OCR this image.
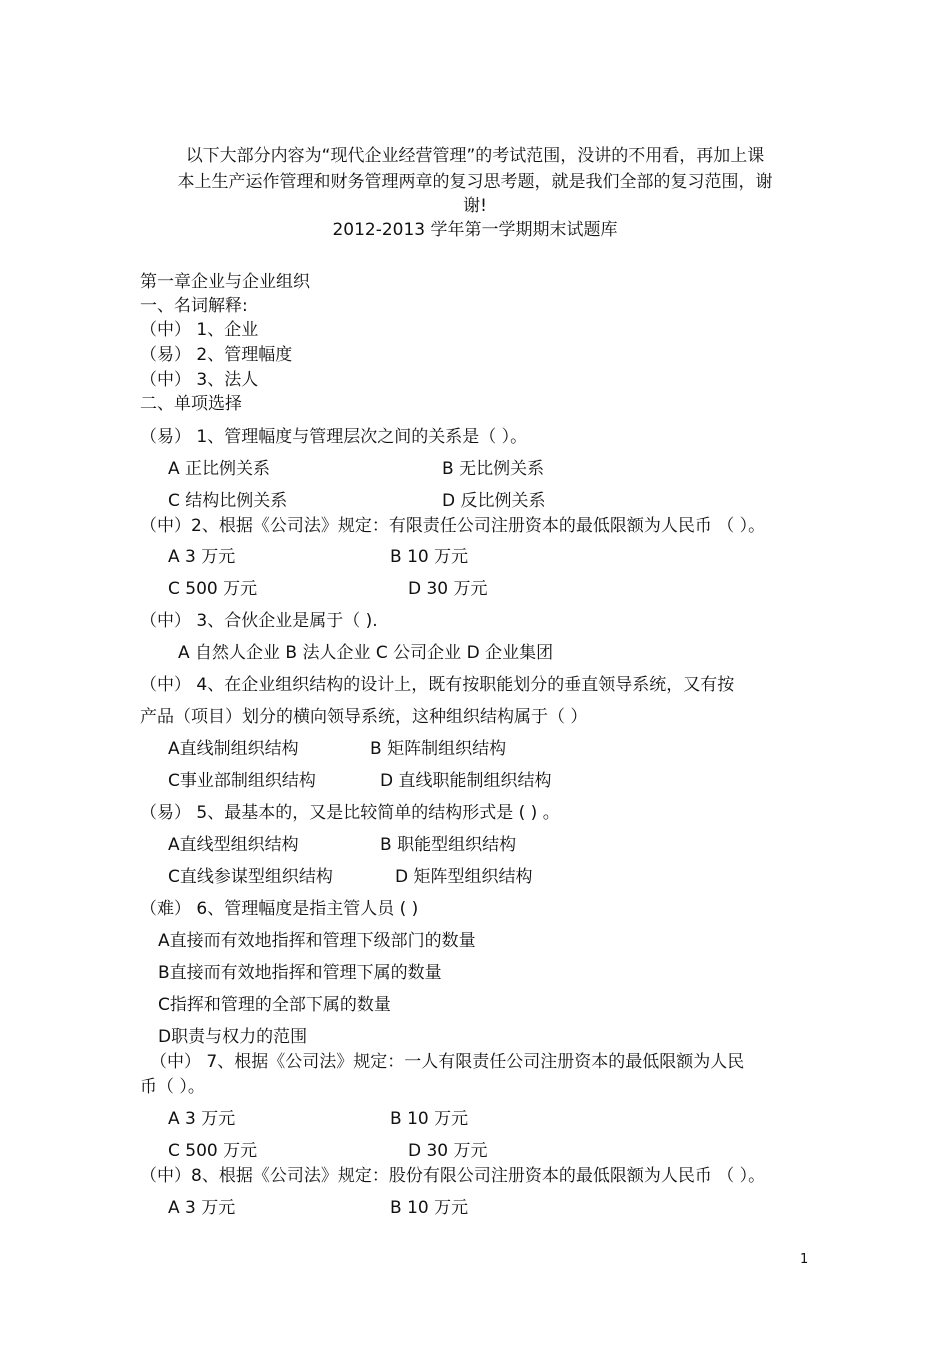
以下大部分内容为“现代企业经营管理”的考试范围，没讲的不用看，再加上课
本上生产运作管理和财务管理两章的复习思考题，就是我们全部的复习范围，谢
谢!
2012-2013 学年第一学期期末试题库
第一章企业与企业组织
一、名词解释:
（中） 1、企业
（易） 2、管理幅度
（中） 3、法人
二、单项选择
（易） 1、管理幅度与管理层次之间的关系是（ ）。
A 正比例关系	B 无比例关系
C 结构比例关系	D 反比例关系
（中）2、根据《公司法》规定：有限责任公司注册资本的最低限额为人民币 （ ）。
A 3 万元	B 10 万元
C 500 万元	D 30 万元
（中） 3、合伙企业是属于（ ).
A 自然人企业 B 法人企业 C 公司企业 D 企业集团
（中） 4、在企业组织结构的设计上，既有按职能划分的垂直领导系统，又有按
产品（项目）划分的横向领导系统，这种组织结构属于（ ）
A直线制组织结构	B 矩阵制组织结构
C事业部制组织结构	D 直线职能制组织结构
（易） 5、最基本的，又是比较简单的结构形式是 ( ) 。
A直线型组织结构	B 职能型组织结构
C直线参谋型组织结构	D 矩阵型组织结构
（难） 6、管理幅度是指主管人员 ( )
A直接而有效地指挥和管理下级部门的数量
B直接而有效地指挥和管理下属的数量
C指挥和管理的全部下属的数量
D职责与权力的范围
（中） 7、根据《公司法》规定：一人有限责任公司注册资本的最低限额为人民
币（ ）。
A 3 万元	B 10 万元
C 500 万元	D 30 万元
（中）8、根据《公司法》规定：股份有限公司注册资本的最低限额为人民币 （ ）。
A 3 万元	B 10 万元
1
